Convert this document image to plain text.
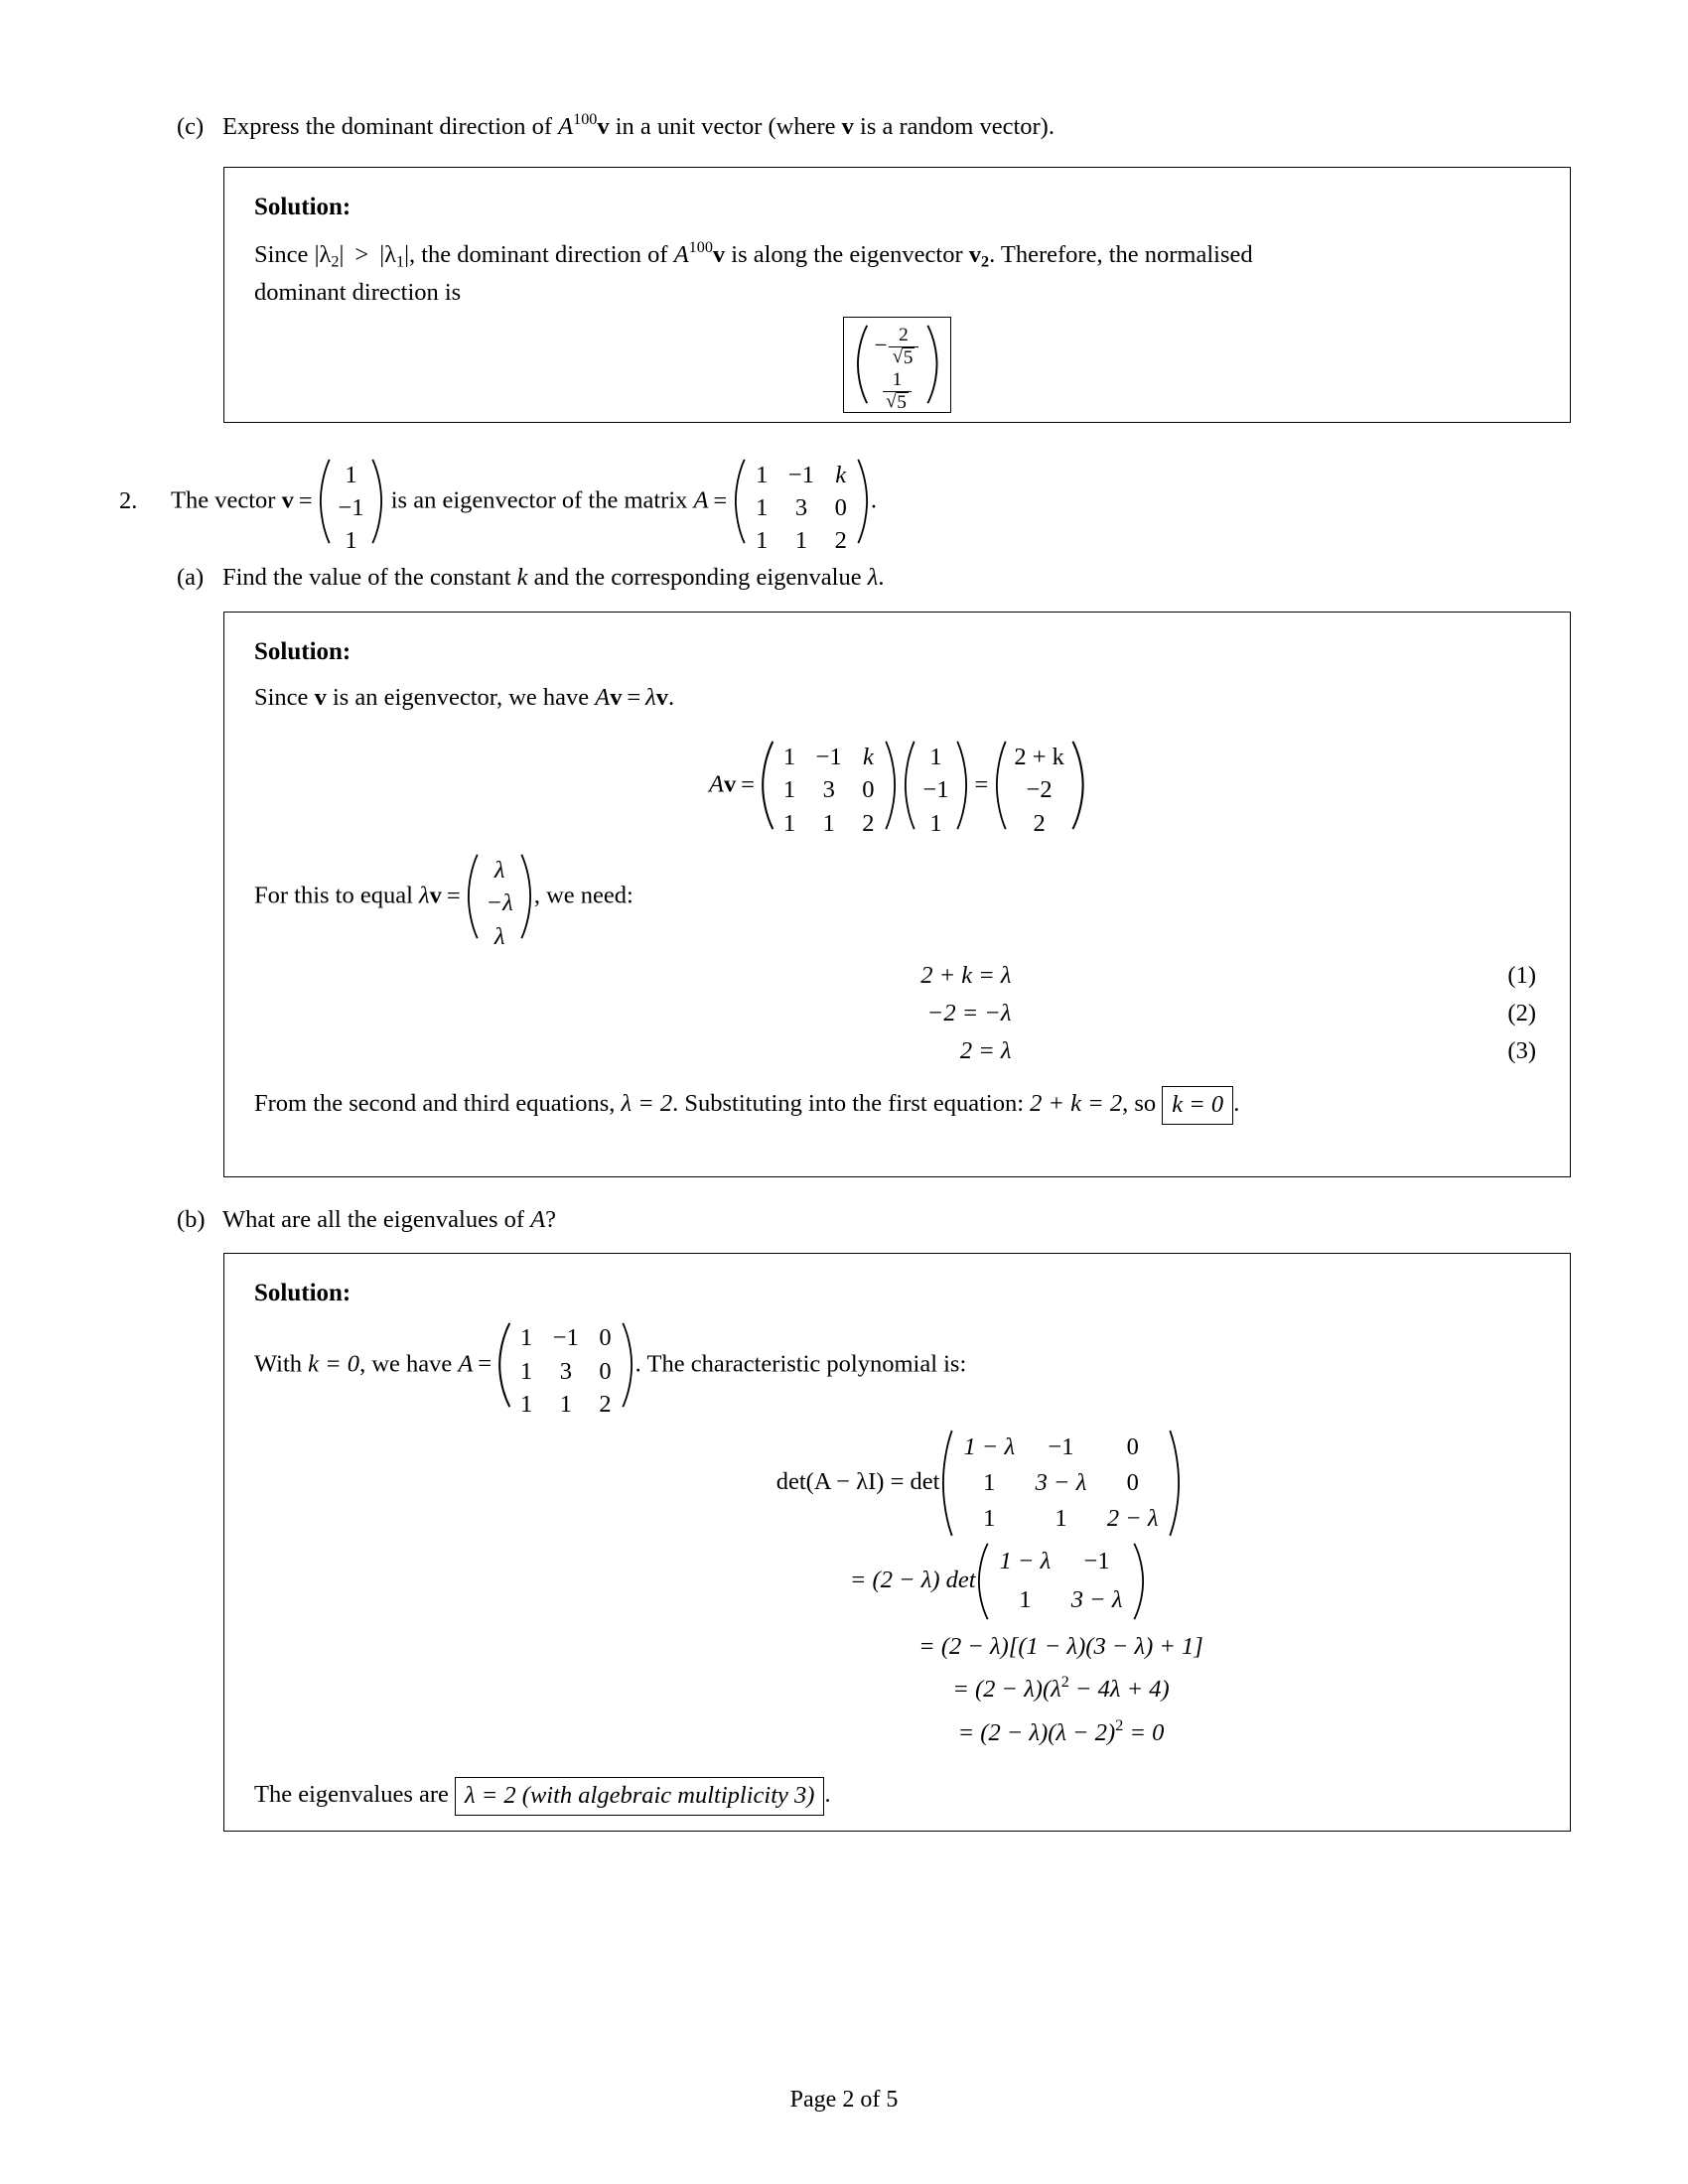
(c) Express the dominant direction of $A^{100}v$ in a unit vector (where v is a random vector).
Solution:
Since $|\lambda_2| > |\lambda_1|$, the dominant direction of $A^{100}v$ is along the eigenvector v2. Therefore, the normalised
dominant direction is
− 2
√ 5

1
√ 5
2. The vector v =
1
−1
1
is an eigenvector of the matrix A =
1	−1	k
1	3	0
1	1	2
.
(a) Find the value of the constant k and the corresponding eigenvalue λ.
Solution:
Since v is an eigenvector, we have Av = λv.
Av =
1	−1	k
1	3	0
1	1	2
1
−1
1
=
2 + k
−2
2
For this to equal λv =
λ
−λ
λ
, we need:
2 + k = λ	(1)
−2 = −λ	(2)
2 = λ	(3)
From the second and third equations, λ = 2. Substituting into the first equation: 2 + k = 2, so k = 0 .
(b) What are all the eigenvalues of A?
Solution:
With k = 0, we have A =
1	−1	0
1	3	0
1	1	2
. The characteristic polynomial is:
det(A − λI) = det
1 − λ	−1	0
1	3 − λ	0
1	1	2 − λ
= (2 − λ) det
1 − λ	−1
1	3 − λ
= (2 − λ)[(1 − λ)(3 − λ) + 1]
= $(2 - \lambda)(\lambda^2 - 4\lambda + 4)$
= $(2 - \lambda)(\lambda - 2)^2 = 0$
The eigenvalues are λ = 2 (with algebraic multiplicity 3) .
Page 2 of 5
